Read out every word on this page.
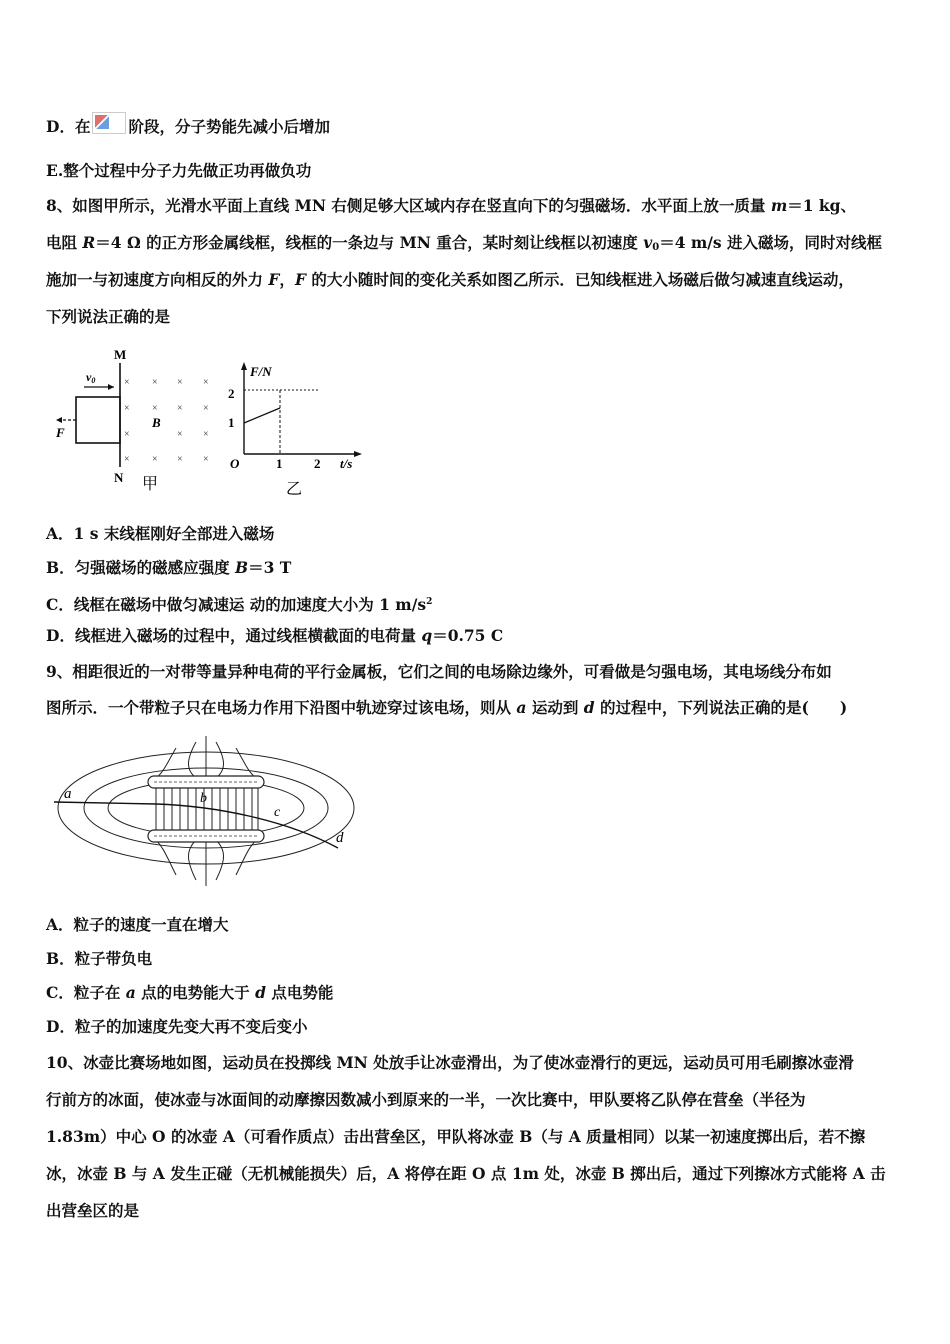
D．在 阶段，分子势能先减小后增加
E.整个过程中分子力先做正功再做负功
8、如图甲所示，光滑水平面上直线 MN 右侧足够大区域内存在竖直向下的匀强磁场．水平面上放一质量 m＝1 kg、
电阻 R＝4 Ω 的正方形金属线框，线框的一条边与 MN 重合，某时刻让线框以初速度 $v_0=4$ m/s 进入磁场，同时对线框
施加一与初速度方向相反的外力 F，F 的大小随时间的变化关系如图乙所示．已知线框进入场磁后做匀减速直线运动，
下列说法正确的是
M
N
v0
F
B
× × × ×
× × × ×
×	× ×
× × × ×
甲
F/N
t/s
O
2
1
1 2
乙
A．1 s 末线框刚好全部进入磁场
B．匀强磁场的磁感应强度 B＝3 T
C．线框在磁场中做匀减速运 动的加速度大小为 1 $m/s^2$
D．线框进入磁场的过程中，通过线框横截面的电荷量 q＝0.75 C
9、相距很近的一对带等量异种电荷的平行金属板，它们之间的电场除边缘外，可看做是匀强电场，其电场线分布如
图所示．一个带粒子只在电场力作用下沿图中轨迹穿过该电场，则从 a 运动到 d 的过程中，下列说法正确的是(　　)
a	b
c
d
A．粒子的速度一直在增大
B．粒子带负电
C．粒子在 a 点的电势能大于 d 点电势能
D．粒子的加速度先变大再不变后变小
10、冰壶比赛场地如图，运动员在投掷线 MN 处放手让冰壶滑出，为了使冰壶滑行的更远，运动员可用毛刷擦冰壶滑
行前方的冰面，使冰壶与冰面间的动摩擦因数减小到原来的一半，一次比赛中，甲队要将乙队停在营垒（半径为
1.83m）中心 O 的冰壶 A（可看作质点）击出营垒区，甲队将冰壶 B（与 A 质量相同）以某一初速度掷出后，若不擦
冰，冰壶 B 与 A 发生正碰（无机械能损失）后，A 将停在距 O 点 1m 处，冰壶 B 掷出后，通过下列擦冰方式能将 A 击
出营垒区的是
